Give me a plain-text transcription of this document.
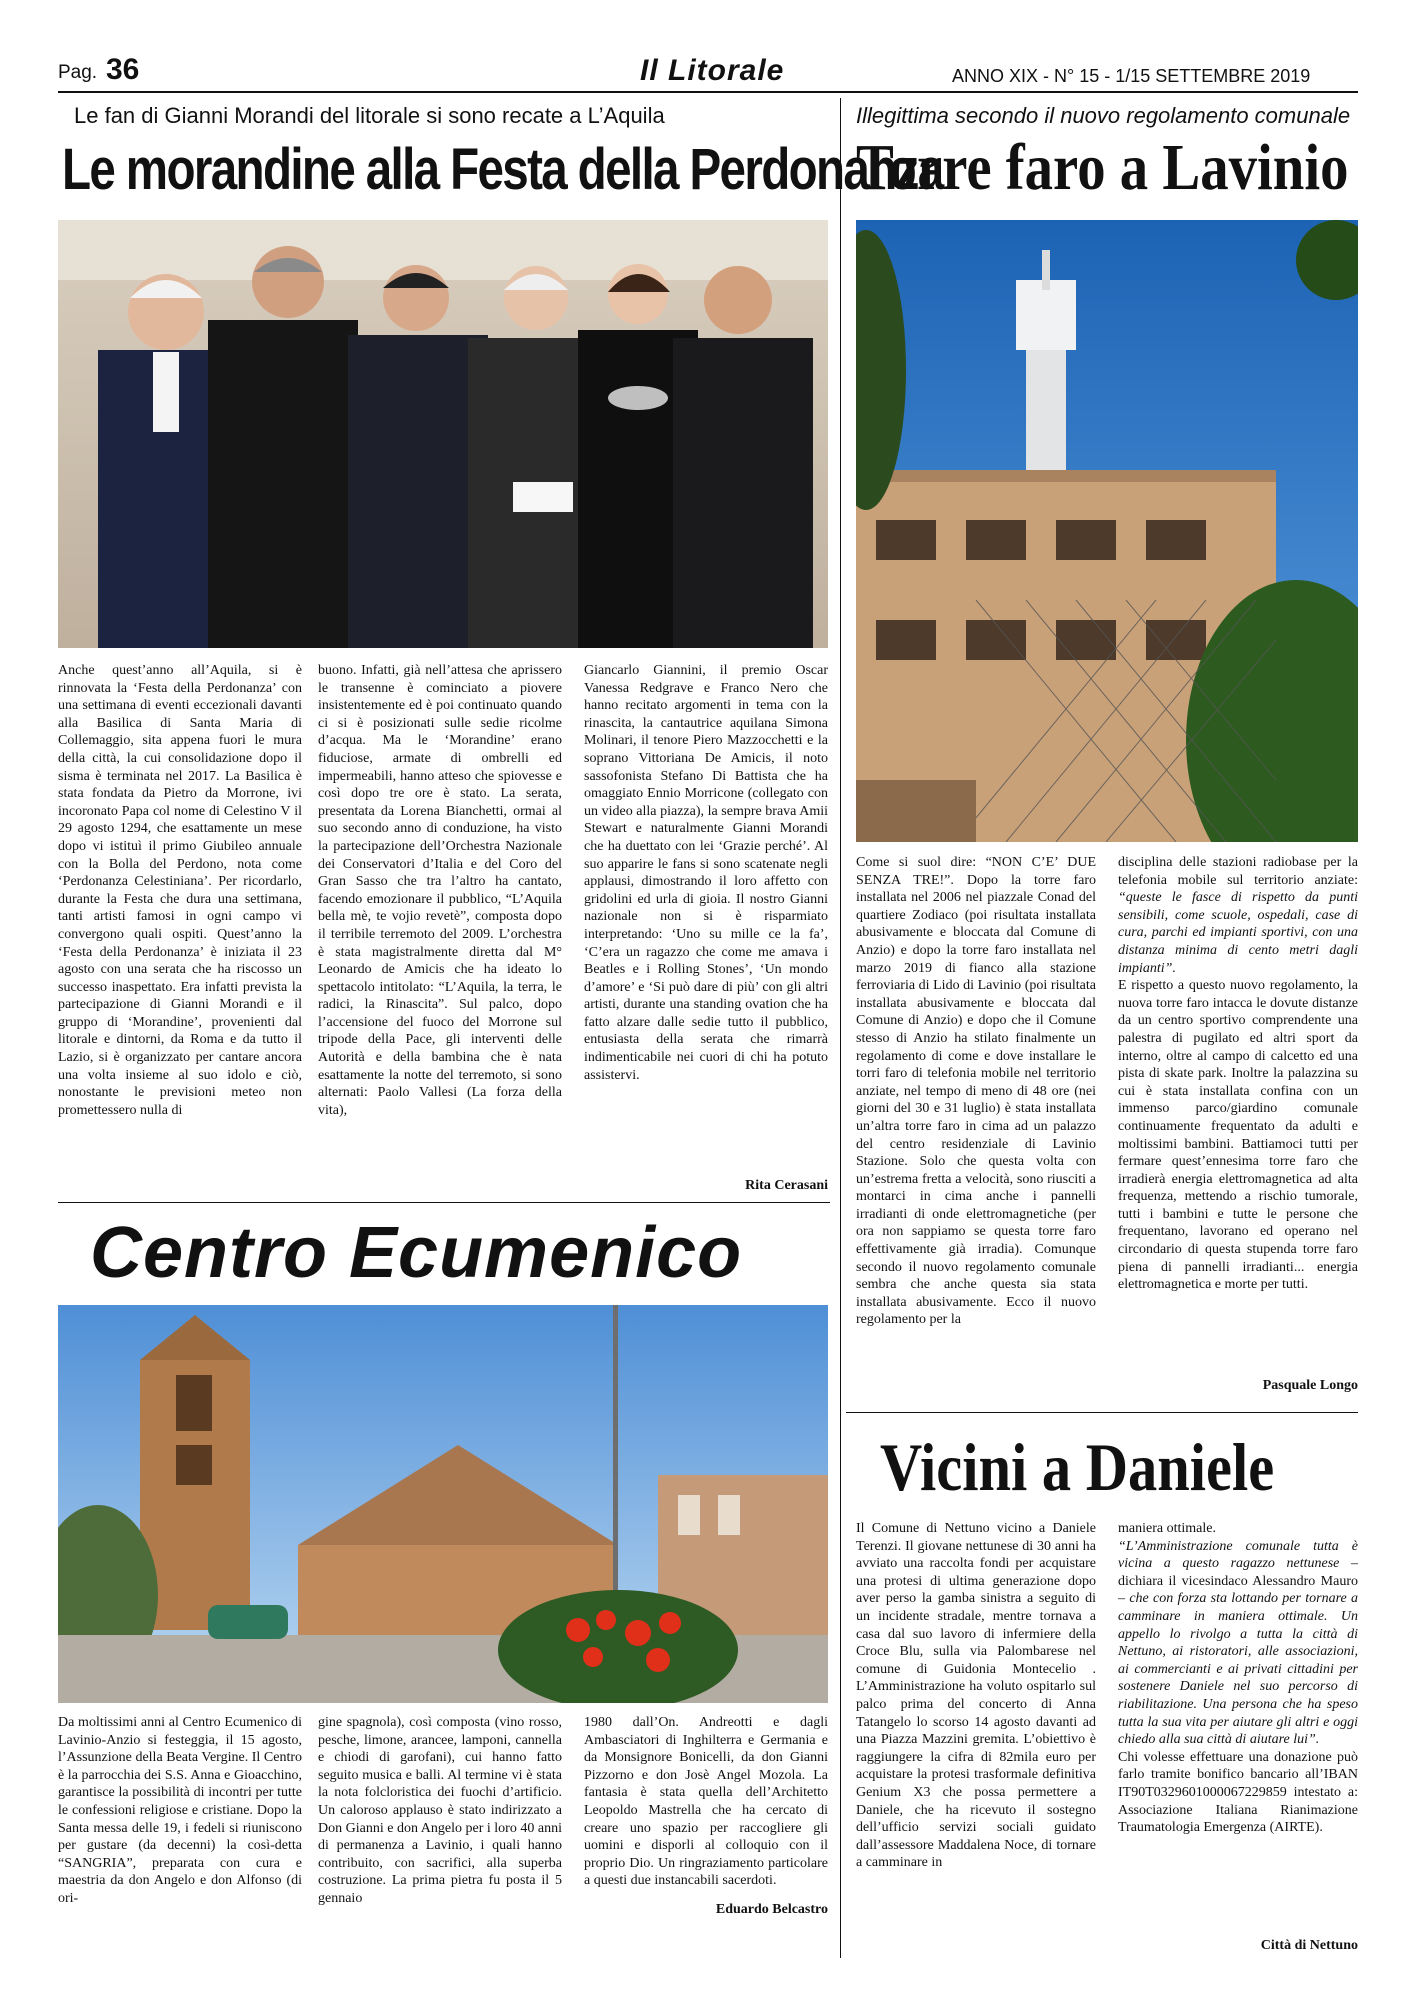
Pag. 36	Il Litorale	ANNO XIX - N° 15 - 1/15 SETTEMBRE 2019
Le fan di Gianni Morandi del litorale si sono recate a L’Aquila
Le morandine alla Festa della Perdonanza
Anche quest’anno all’Aquila, si è rinnovata la ‘Festa della Perdonanza’ con una settimana di eventi eccezionali davanti alla Basilica di Santa Maria di Collemaggio, sita appena fuori le mura della città, la cui consolidazione dopo il sisma è terminata nel 2017. La Basilica è stata fondata da Pietro da Morrone, ivi incoronato Papa col nome di Celestino V il 29 agosto 1294, che esattamente un mese dopo vi istituì il primo Giubileo annuale con la Bolla del Perdono, nota come ‘Perdonanza Celestiniana’. Per ricordarlo, durante la Festa che dura una settimana, tanti artisti famosi in ogni campo vi convergono quali ospiti. Quest’anno la ‘Festa della Perdonanza’ è iniziata il 23 agosto con una serata che ha riscosso un successo inaspettato. Era infatti prevista la partecipazione di Gianni Morandi e il gruppo di ‘Morandine’, provenienti dal litorale e dintorni, da Roma e da tutto il Lazio, si è organizzato per cantare ancora una volta insieme al suo idolo e ciò, nonostante le previsioni meteo non promettessero nulla di
buono. Infatti, già nell’attesa che aprissero le transenne è cominciato a piovere insistentemente ed è poi continuato quando ci si è posizionati sulle sedie ricolme d’acqua. Ma le ‘Morandine’ erano fiduciose, armate di ombrelli ed impermeabili, hanno atteso che spiovesse e così dopo tre ore è stato. La serata, presentata da Lorena Bianchetti, ormai al suo secondo anno di conduzione, ha visto la partecipazione dell’Orchestra Nazionale dei Conservatori d’Italia e del Coro del Gran Sasso che tra l’altro ha cantato, facendo emozionare il pubblico, “L’Aquila bella mè, te vojio revetè”, composta dopo il terribile terremoto del 2009. L’orchestra è stata magistralmente diretta dal M° Leonardo de Amicis che ha ideato lo spettacolo intitolato: “L’Aquila, la terra, le radici, la Rinascita”. Sul palco, dopo l’accensione del fuoco del Morrone sul tripode della Pace, gli interventi delle Autorità e della bambina che è nata esattamente la notte del terremoto, si sono alternati: Paolo Vallesi (La forza della vita),
Giancarlo Giannini, il premio Oscar Vanessa Redgrave e Franco Nero che hanno recitato argomenti in tema con la rinascita, la cantautrice aquilana Simona Molinari, il tenore Piero Mazzocchetti e la soprano Vittoriana De Amicis, il noto sassofonista Stefano Di Battista che ha omaggiato Ennio Morricone (collegato con un video alla piazza), la sempre brava Amii Stewart e naturalmente Gianni Morandi che ha duettato con lei ‘Grazie perché’. Al suo apparire le fans si sono scatenate negli applausi, dimostrando il loro affetto con gridolini ed urla di gioia. Il nostro Gianni nazionale non si è risparmiato interpretando: ‘Uno su mille ce la fa’, ‘C’era un ragazzo che come me amava i Beatles e i Rolling Stones’, ‘Un mondo d’amore’ e ‘Si può dare di più’ con gli altri artisti, durante una standing ovation che ha fatto alzare dalle sedie tutto il pubblico, entusiasta della serata che rimarrà indimenticabile nei cuori di chi ha potuto assistervi.
Rita Cerasani
Centro Ecumenico
Da moltissimi anni al Centro Ecumenico di Lavinio-Anzio si festeggia, il 15 agosto, l’Assunzione della Beata Vergine. Il Centro è la parrocchia dei S.S. Anna e Gioacchino, garantisce la possibilità di incontri per tutte le confessioni religiose e cristiane. Dopo la Santa messa delle 19, i fedeli si riuniscono per gustare (da decenni) la così-detta “SANGRIA”, preparata con cura e maestria da don Angelo e don Alfonso (di ori-
gine spagnola), così composta (vino rosso, pesche, limone, arancee, lamponi, cannella e chiodi di garofani), cui hanno fatto seguito musica e balli. Al termine vi è stata la nota folcloristica dei fuochi d’artificio. Un caloroso applauso è stato indirizzato a Don Gianni e don Angelo per i loro 40 anni di permanenza a Lavinio, i quali hanno contribuito, con sacrifici, alla superba costruzione. La prima pietra fu posta il 5 gennaio
1980 dall’On. Andreotti e dagli Ambasciatori di Inghilterra e Germania e da Monsignore Bonicelli, da don Gianni Pizzorno e don Josè Angel Mozola. La fantasia è stata quella dell’Architetto Leopoldo Mastrella che ha cercato di creare uno spazio per raccogliere gli uomini e disporli al colloquio con il proprio Dio. Un ringraziamento particolare a questi due instancabili sacerdoti.
Eduardo Belcastro
Illegittima secondo il nuovo regolamento comunale
Torre faro a Lavinio
Come si suol dire: “NON C’E’ DUE SENZA TRE!”. Dopo la torre faro installata nel 2006 nel piazzale Conad del quartiere Zodiaco (poi risultata installata abusivamente e bloccata dal Comune di Anzio) e dopo la torre faro installata nel marzo 2019 di fianco alla stazione ferroviaria di Lido di Lavinio (poi risultata installata abusivamente e bloccata dal Comune di Anzio) e dopo che il Comune stesso di Anzio ha stilato finalmente un regolamento di come e dove installare le torri faro di telefonia mobile nel territorio anziate, nel tempo di meno di 48 ore (nei giorni del 30 e 31 luglio) è stata installata un’altra torre faro in cima ad un palazzo del centro residenziale di Lavinio Stazione. Solo che questa volta con un’estrema fretta a velocità, sono riusciti a montarci in cima anche i pannelli irradianti di onde elettromagnetiche (per ora non sappiamo se questa torre faro effettivamente già irradia). Comunque secondo il nuovo regolamento comunale sembra che anche questa sia stata installata abusivamente. Ecco il nuovo regolamento per la
disciplina delle stazioni radiobase per la telefonia mobile sul territorio anziate: “queste le fasce di rispetto da punti sensibili, come scuole, ospedali, case di cura, parchi ed impianti sportivi, con una distanza minima di cento metri dagli impianti”.

E rispetto a questo nuovo regolamento, la nuova torre faro intacca le dovute distanze da un centro sportivo comprendente una palestra di pugilato ed altri sport da interno, oltre al campo di calcetto ed una pista di skate park. Inoltre la palazzina su cui è stata installata confina con un immenso parco/giardino comunale continuamente frequentato da adulti e moltissimi bambini. Battiamoci tutti per fermare quest’ennesima torre faro che irradierà energia elettromagnetica ad alta frequenza, mettendo a rischio tumorale, tutti i bambini e tutte le persone che frequentano, lavorano ed operano nel circondario di questa stupenda torre faro piena di pannelli irradianti... energia elettromagnetica e morte per tutti.

Pasquale Longo
Vicini a Daniele
Il Comune di Nettuno vicino a Daniele Terenzi. Il giovane nettunese di 30 anni ha avviato una raccolta fondi per acquistare una protesi di ultima generazione dopo aver perso la gamba sinistra a seguito di un incidente stradale, mentre tornava a casa dal suo lavoro di infermiere della Croce Blu, sulla via Palombarese nel comune di Guidonia Montecelio . L’Amministrazione ha voluto ospitarlo sul palco prima del concerto di Anna Tatangelo lo scorso 14 agosto davanti ad una Piazza Mazzini gremita. L’obiettivo è raggiungere la cifra di 82mila euro per acquistare la protesi trasformale definitiva Genium X3 che possa permettere a Daniele, che ha ricevuto il sostegno dell’ufficio servizi sociali guidato dall’assessore Maddalena Noce, di tornare a camminare in

maniera ottimale.

“L’Amministrazione comunale tutta è vicina a questo ragazzo nettunese – dichiara il vicesindaco Alessandro Mauro – che con forza sta lottando per tornare a camminare in maniera ottimale. Un appello lo rivolgo a tutta la città di Nettuno, ai ristoratori, alle associazioni, ai commercianti e ai privati cittadini per sostenere Daniele nel suo percorso di riabilitazione. Una persona che ha speso tutta la sua vita per aiutare gli altri e oggi chiedo alla sua città di aiutare lui”.

Chi volesse effettuare una donazione può farlo tramite bonifico bancario all’IBAN IT90T0329601000067229859 intestato a: Associazione Italiana Rianimazione Traumatologia Emergenza (AIRTE).

Città di Nettuno
